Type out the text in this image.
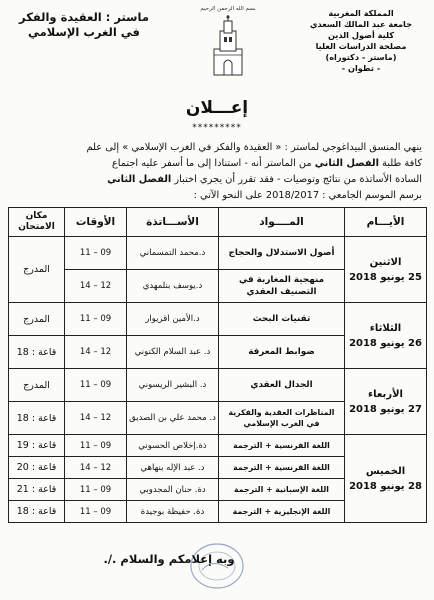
المملكة المغربية
جامعة عبد المالك السعدي
كلية أصول الدين
مصلحة الدراسات العليا
(ماستر - دكتوراه)
- تطوان -
بسم الله الرحمن الرحيم
ماستر : العقيدة والفكر
في الغرب الإسلامي
إعـــلان
*********
ينهي المنسق البيداغوجي لماستر : « العقيدة والفكر في الغرب الإسلامي » إلى علم
كافة طلبة الفصل الثاني من الماستر أنه - استنادا إلى ما أسفر عليه اجتماع
السادة الأساتذة من نتائج وتوصيات - فقد تقرر أن يجري اختبار الفصل الثاني
برسم الموسم الجامعي : 2018/2017 على النحو الآتي :
الأيـــام	المــــواد	الأســـاتذة	الأوقات	مكان الامتحان

الاثنين
25 يونيو 2018	أصول الاستدلال والحجاج	د.محمد التمسماني	09 – 11	المدرج
	منهجية المغاربة في التصنيف العقدي	د.يوسف بنلمهدي	12 – 14	

الثلاثاء
26 يونيو 2018	تقنيات البحث	د.الأمين اقريوار	09 – 11	المدرج
	ضوابط المعرفة	د. عبد السلام الكنوني	12 – 14	قاعة : 18

الأربعاء
27 يونيو 2018	الجدال العقدي	د. البشير الريسوني	09 – 11	المدرج
	المناظرات العقدية والفكرية في الغرب الإسلامي	د. محمد علي بن الصديق	12 – 14	قاعة : 18

الخميس
28 يونيو 2018	اللغة الفرنسية + الترجمة	ذة.إخلاص الحسوني	09 – 11	قاعة : 19
	اللغة الفرنسية + الترجمة	د. عبد الإله بنهاهي	12 – 14	قاعة : 20
	اللغة الإسبانية + الترجمة	دة. حنان المجدوبي	09 – 11	قاعة : 21
	اللغة الإنجليزية + الترجمة	دة. حفيظة بوجيدة	09 – 11	قاعة : 18
وبه إعلامكم والسلام ./.
